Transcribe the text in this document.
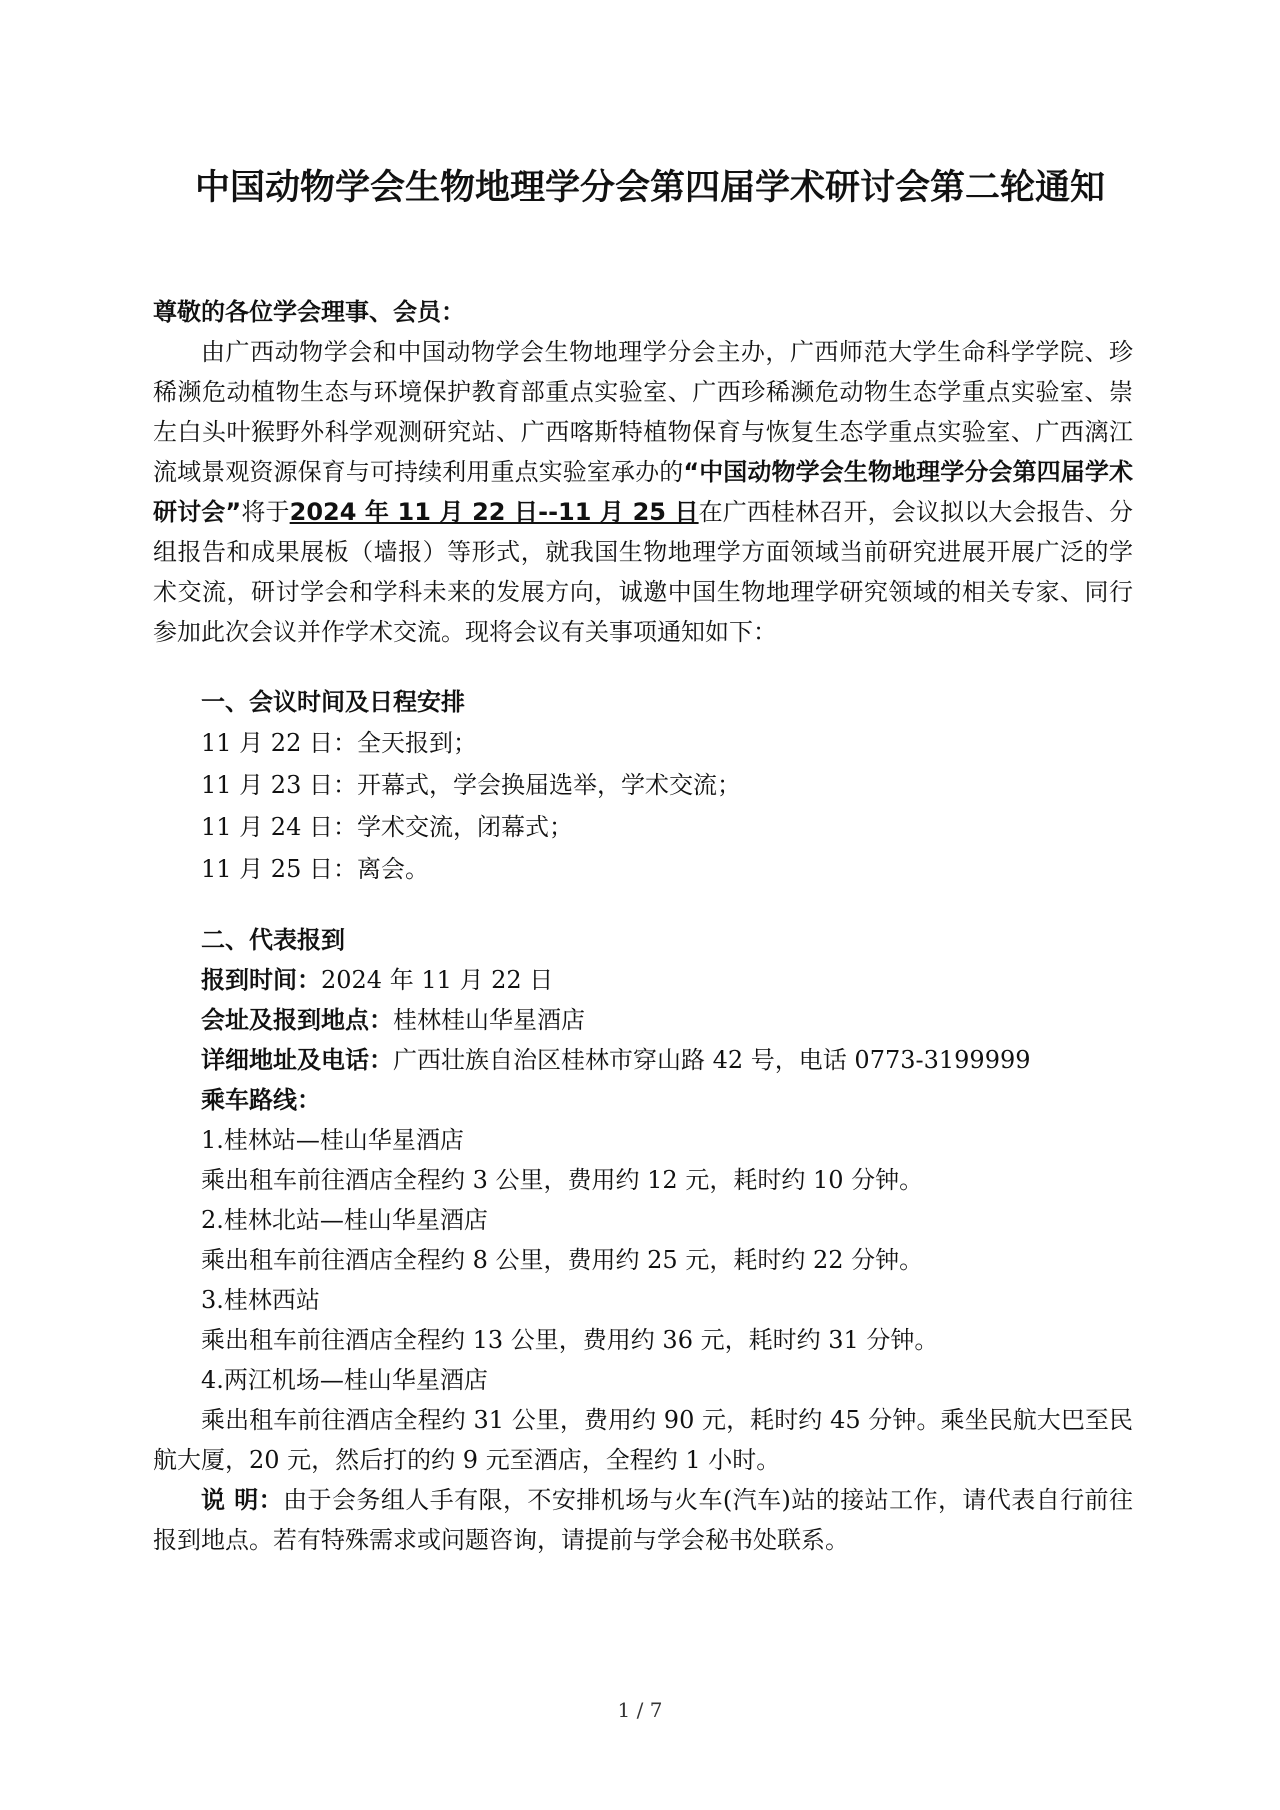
中国动物学会生物地理学分会第四届学术研讨会第二轮通知

尊敬的各位学会理事、会员：

由广西动物学会和中国动物学会生物地理学分会主办，广西师范大学生命科学学院、珍稀濒危动植物生态与环境保护教育部重点实验室、广西珍稀濒危动物生态学重点实验室、崇左白头叶猴野外科学观测研究站、广西喀斯特植物保育与恢复生态学重点实验室、广西漓江流域景观资源保育与可持续利用重点实验室承办的“中国动物学会生物地理学分会第四届学术研讨会”将于2024 年 11 月 22 日--11 月 25 日在广西桂林召开，会议拟以大会报告、分组报告和成果展板（墙报）等形式，就我国生物地理学方面领域当前研究进展开展广泛的学术交流，研讨学会和学科未来的发展方向，诚邀中国生物地理学研究领域的相关专家、同行参加此次会议并作学术交流。现将会议有关事项通知如下：

一、会议时间及日程安排

11 月 22 日：全天报到；

11 月 23 日：开幕式，学会换届选举，学术交流；

11 月 24 日：学术交流，闭幕式；

11 月 25 日：离会。

二、代表报到

报到时间：2024 年 11 月 22 日

会址及报到地点：桂林桂山华星酒店

详细地址及电话：广西壮族自治区桂林市穿山路 42 号，电话 0773-3199999

乘车路线：

1.桂林站—桂山华星酒店

乘出租车前往酒店全程约 3 公里，费用约 12 元，耗时约 10 分钟。

2.桂林北站—桂山华星酒店

乘出租车前往酒店全程约 8 公里，费用约 25 元，耗时约 22 分钟。

3.桂林西站

乘出租车前往酒店全程约 13 公里，费用约 36 元，耗时约 31 分钟。

4.两江机场—桂山华星酒店

乘出租车前往酒店全程约 31 公里，费用约 90 元，耗时约 45 分钟。乘坐民航大巴至民航大厦，20 元，然后打的约 9 元至酒店，全程约 1 小时。

说 明：由于会务组人手有限，不安排机场与火车(汽车)站的接站工作，请代表自行前往报到地点。若有特殊需求或问题咨询，请提前与学会秘书处联系。

1 / 7
